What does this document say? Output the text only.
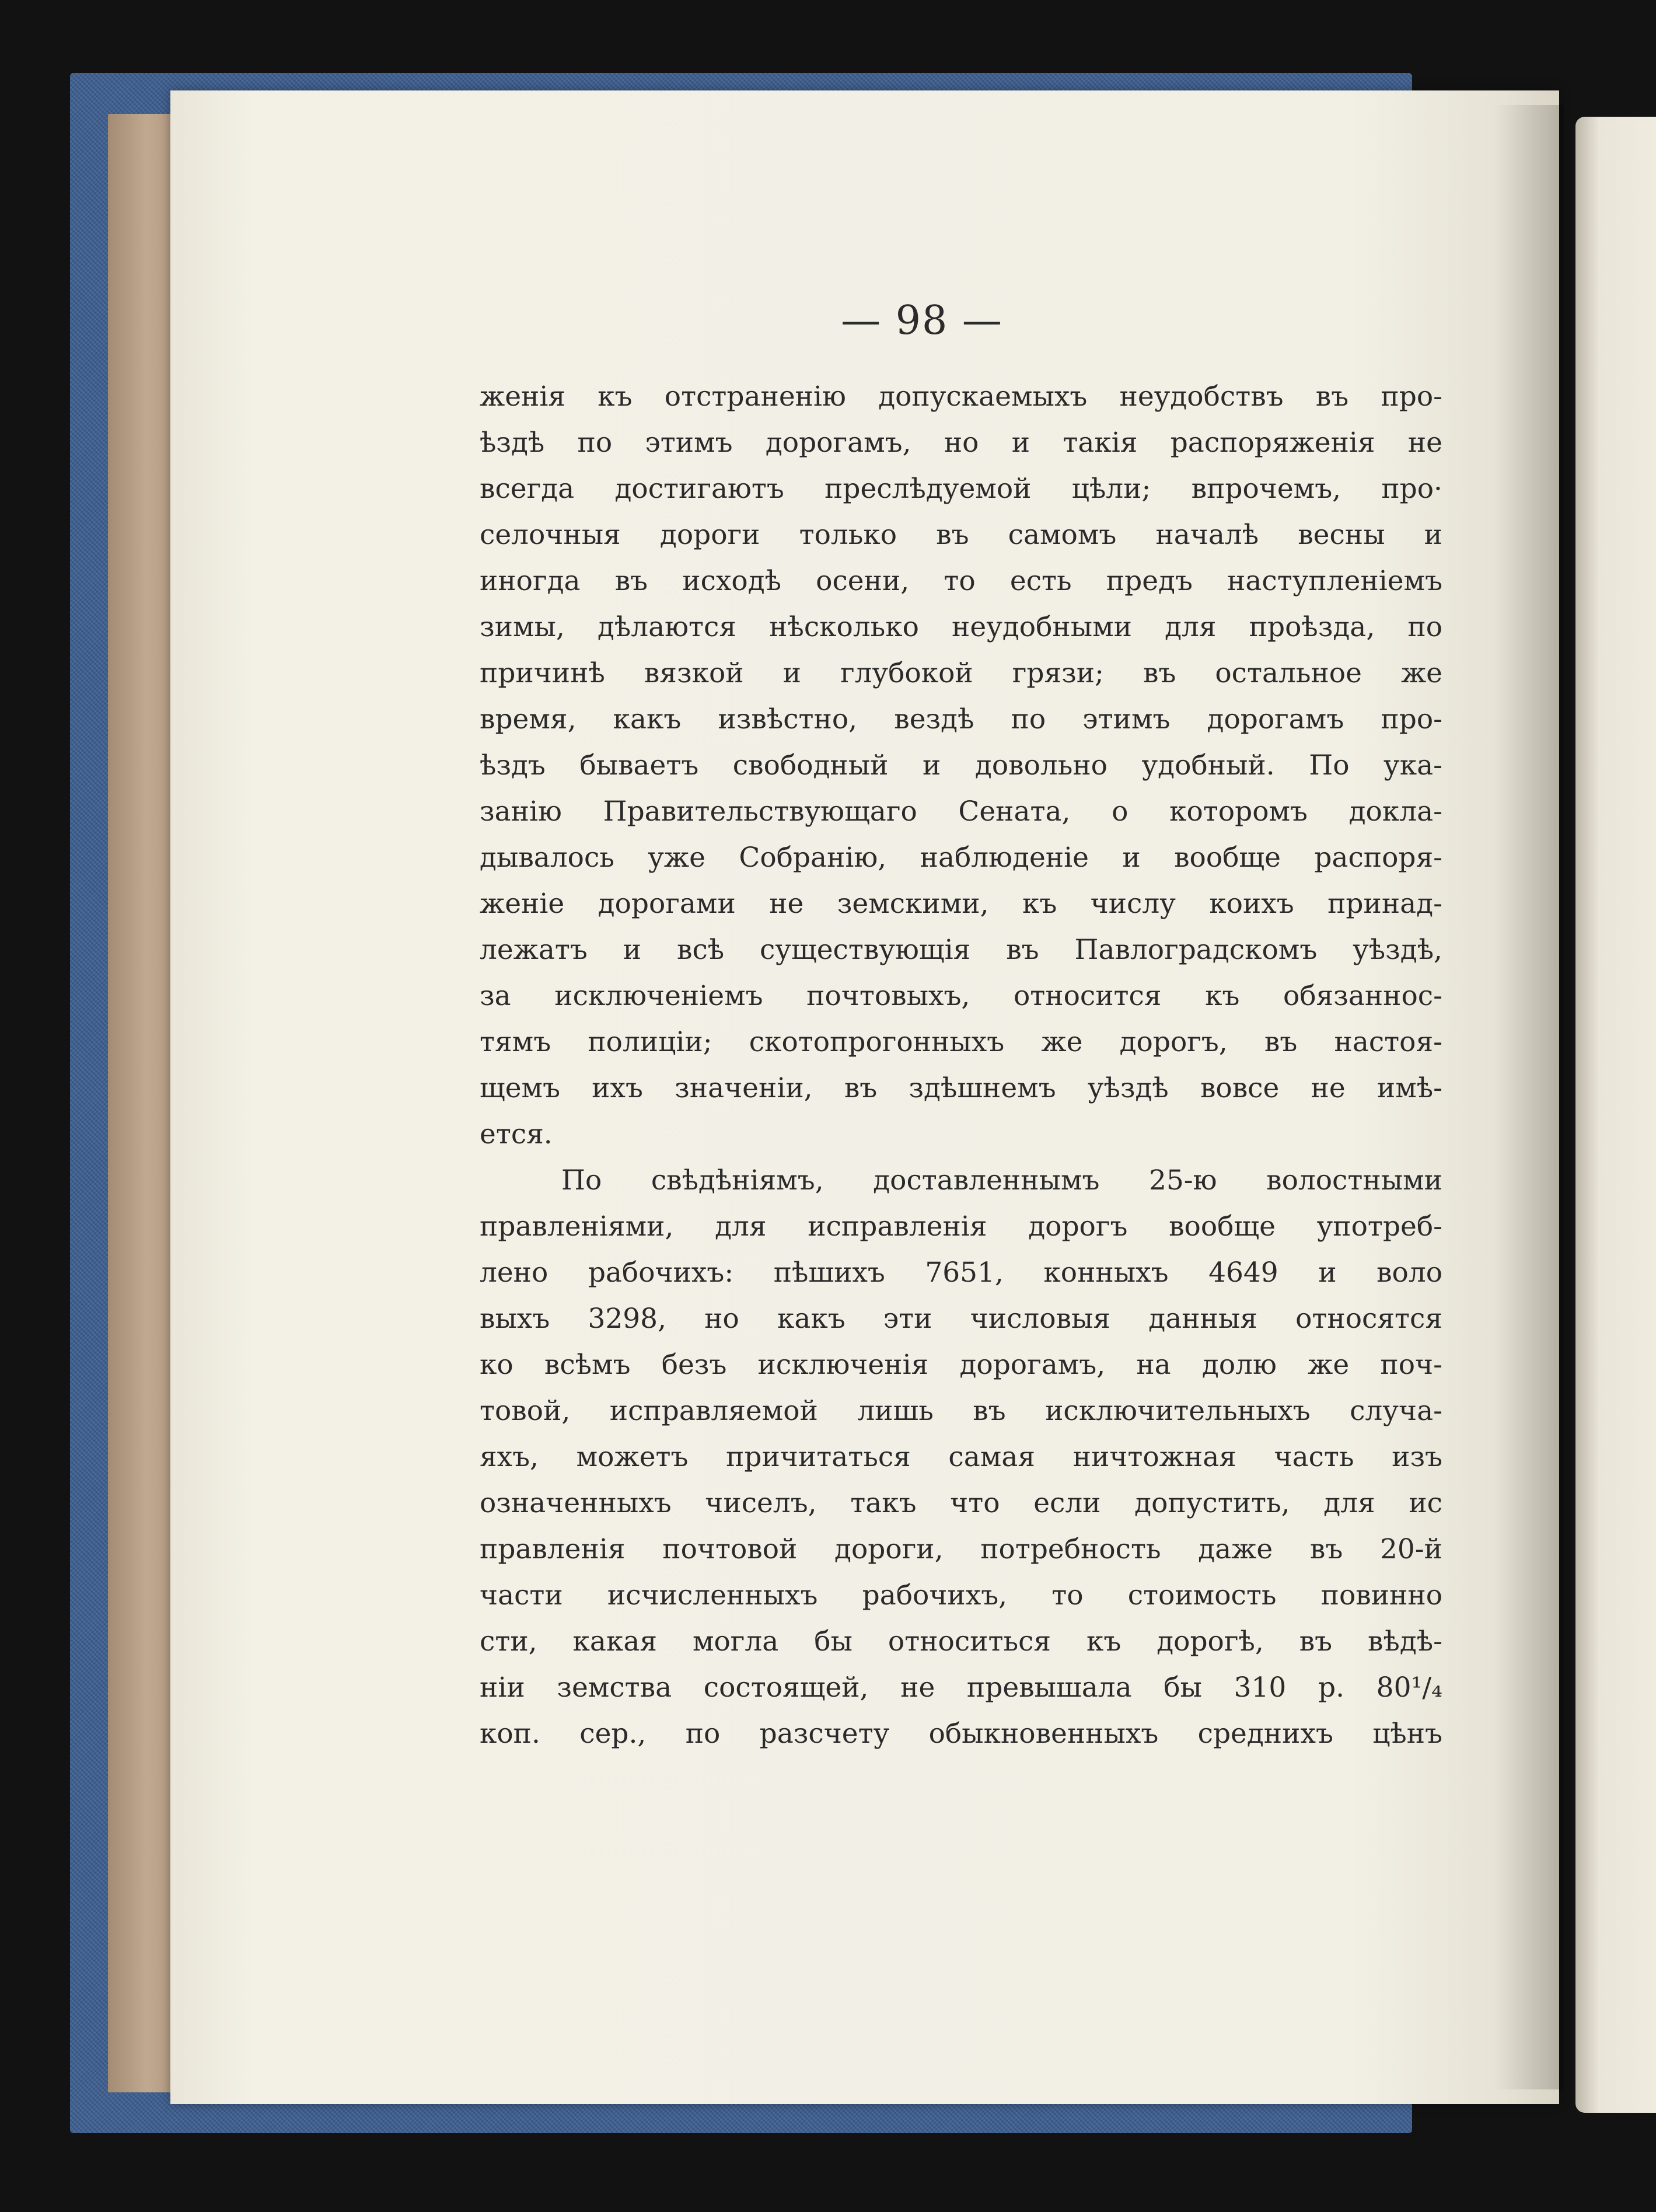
— 98 —
женія къ отстраненію допускаемыхъ неудобствъ въ про-
ѣздѣ по этимъ дорогамъ, но и такія распоряженія не
всегда достигаютъ преслѣдуемой цѣли; впрочемъ, про·
селочныя дороги только въ самомъ началѣ весны и
иногда въ исходѣ осени, то есть предъ наступленіемъ
зимы, дѣлаются нѣсколько неудобными для проѣзда, по
причинѣ вязкой и глубокой грязи; въ остальное же
время, какъ извѣстно, вездѣ по этимъ дорогамъ про-
ѣздъ бываетъ свободный и довольно удобный. По ука-
занію Правительствующаго Сената, о которомъ докла-
дывалось уже Собранію, наблюденіе и вообще распоря-
женіе дорогами не земскими, къ числу коихъ принад-
лежатъ и всѣ существующія въ Павлоградскомъ уѣздѣ,
за исключеніемъ почтовыхъ, относится къ обязаннос-
тямъ полиціи; скотопрогонныхъ же дорогъ, въ настоя-
щемъ ихъ значеніи, въ здѣшнемъ уѣздѣ вовсе не имѣ-
ется.
По свѣдѣніямъ, доставленнымъ 25-ю волостными
правленіями, для исправленія дорогъ вообще употреб-
лено рабочихъ: пѣшихъ 7651, конныхъ 4649 и воло
выхъ 3298, но какъ эти числовыя данныя относятся
ко всѣмъ безъ исключенія дорогамъ, на долю же поч-
товой, исправляемой лишь въ исключительныхъ случа-
яхъ, можетъ причитаться самая ничтожная часть изъ
означенныхъ чиселъ, такъ что если допустить, для ис
правленія почтовой дороги, потребность даже въ 20-й
части исчисленныхъ рабочихъ, то стоимость повинно
сти, какая могла бы относиться къ дорогѣ, въ вѣдѣ-
ніи земства состоящей, не превышала бы 310 р. 80¹/₄
коп. сер., по разсчету обыкновенныхъ среднихъ цѣнъ
